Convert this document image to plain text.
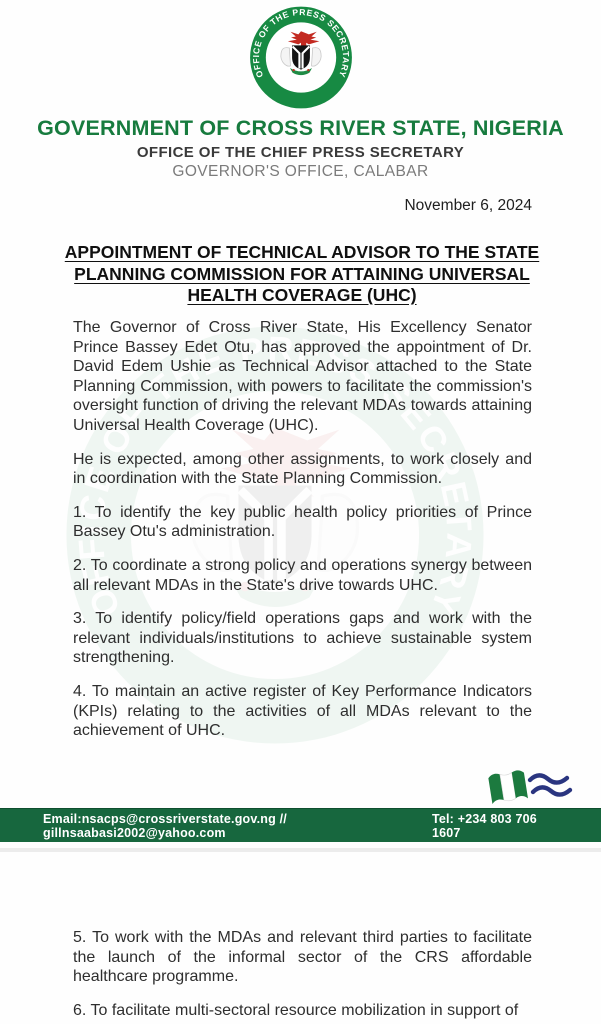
GOVERNMENT OF CROSS RIVER STATE, NIGERIA
OFFICE OF THE CHIEF PRESS SECRETARY
GOVERNOR'S OFFICE, CALABAR
November 6, 2024
APPOINTMENT OF TECHNICAL ADVISOR TO THE STATE PLANNING COMMISSION FOR ATTAINING UNIVERSAL HEALTH COVERAGE (UHC)

The Governor of Cross River State, His Excellency Senator Prince Bassey Edet Otu, has approved the appointment of Dr. David Edem Ushie as Technical Advisor attached to the State Planning Commission, with powers to facilitate the commission's oversight function of driving the relevant MDAs towards attaining Universal Health Coverage (UHC).

He is expected, among other assignments, to work closely and in coordination with the State Planning Commission.

1. To identify the key public health policy priorities of Prince Bassey Otu's administration.

2. To coordinate a strong policy and operations synergy between all relevant MDAs in the State's drive towards UHC.

3. To identify policy/field operations gaps and work with the relevant individuals/institutions to achieve sustainable system strengthening.

4. To maintain an active register of Key Performance Indicators (KPIs) relating to the activities of all MDAs relevant to the achievement of UHC.

Email:nsacps@crossriverstate.gov.ng // gillnsaabasi2002@yahoo.com
Tel: +234 803 706 1607

5. To work with the MDAs and relevant third parties to facilitate the launch of the informal sector of the CRS affordable healthcare programme.

6. To facilitate multi-sectoral resource mobilization in support of
